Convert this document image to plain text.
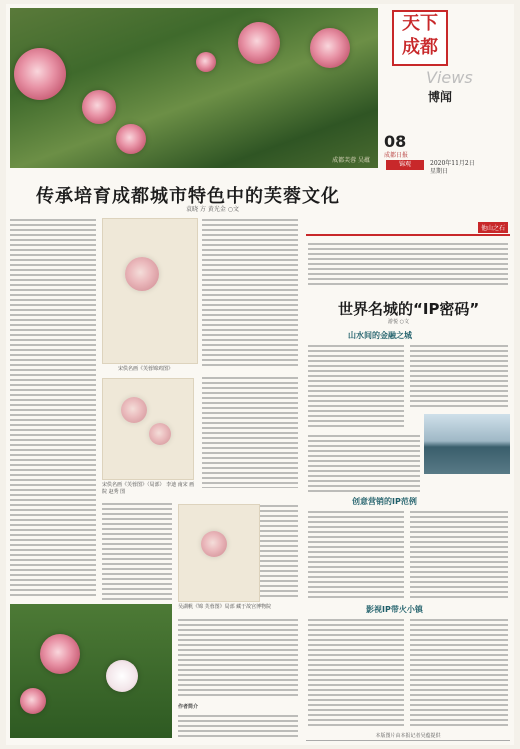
成都芙蓉 吴蕴
天下
成都
Views
博闻
08
成都日报
锦观	2020年11月2日
星期日
传承培育成都城市特色中的芙蓉文化
袁晓 方 黄光金 ○文
宋佚名画《芙蓉锦鸡图》
宋佚名画《芙蓉图》（局部） 李迪 南宋 画院 赵秀 图
吴湖帆《锦 芙蓉图》局部 藏于故宫博物院
作者简介
他山之石
世界名城的“IP密码”
游悦 ○文
山水间的金融之城
创意营销的IP范例
影视IP带火小镇
本版图片由本报记者吴蕴提供
